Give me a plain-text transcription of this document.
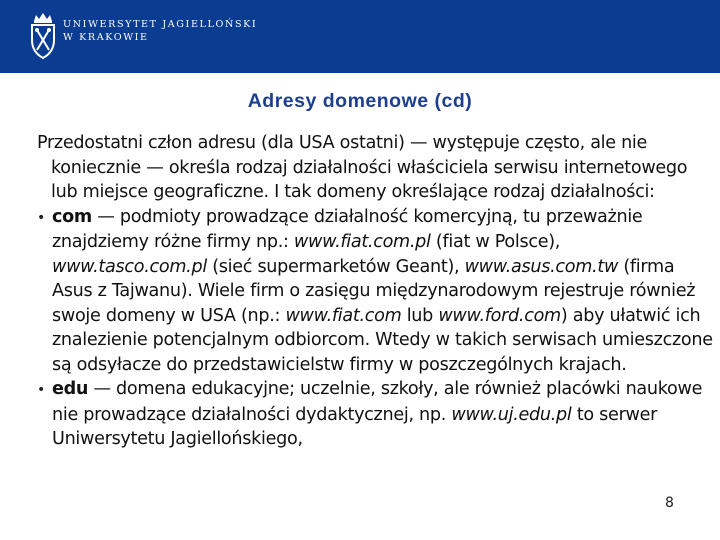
UNIWERSYTET JAGIELLOŃSKI
W KRAKOWIE
Adresy domenowe (cd)

Przedostatni człon adresu (dla USA ostatni) — występuje często, ale nie koniecznie — określa rodzaj działalności właściciela serwisu internetowego lub miejsce geograficzne. I tak domeny określające rodzaj działalności:

• com — podmioty prowadzące działalność komercyjną, tu przeważnie znajdziemy różne firmy np.: www.fiat.com.pl (fiat w Polsce), www.tasco.com.pl (sieć supermarketów Geant), www.asus.com.tw (firma Asus z Tajwanu). Wiele firm o zasięgu międzynarodowym rejestruje również swoje domeny w USA (np.: www.fiat.com lub www.ford.com) aby ułatwić ich znalezienie potencjalnym odbiorcom. Wtedy w takich serwisach umieszczone są odsyłacze do przedstawicielstw firmy w poszczególnych krajach.

• edu — domena edukacyjne; uczelnie, szkoły, ale również placówki naukowe nie prowadzące działalności dydaktycznej, np. www.uj.edu.pl to serwer Uniwersytetu Jagiellońskiego,

8
